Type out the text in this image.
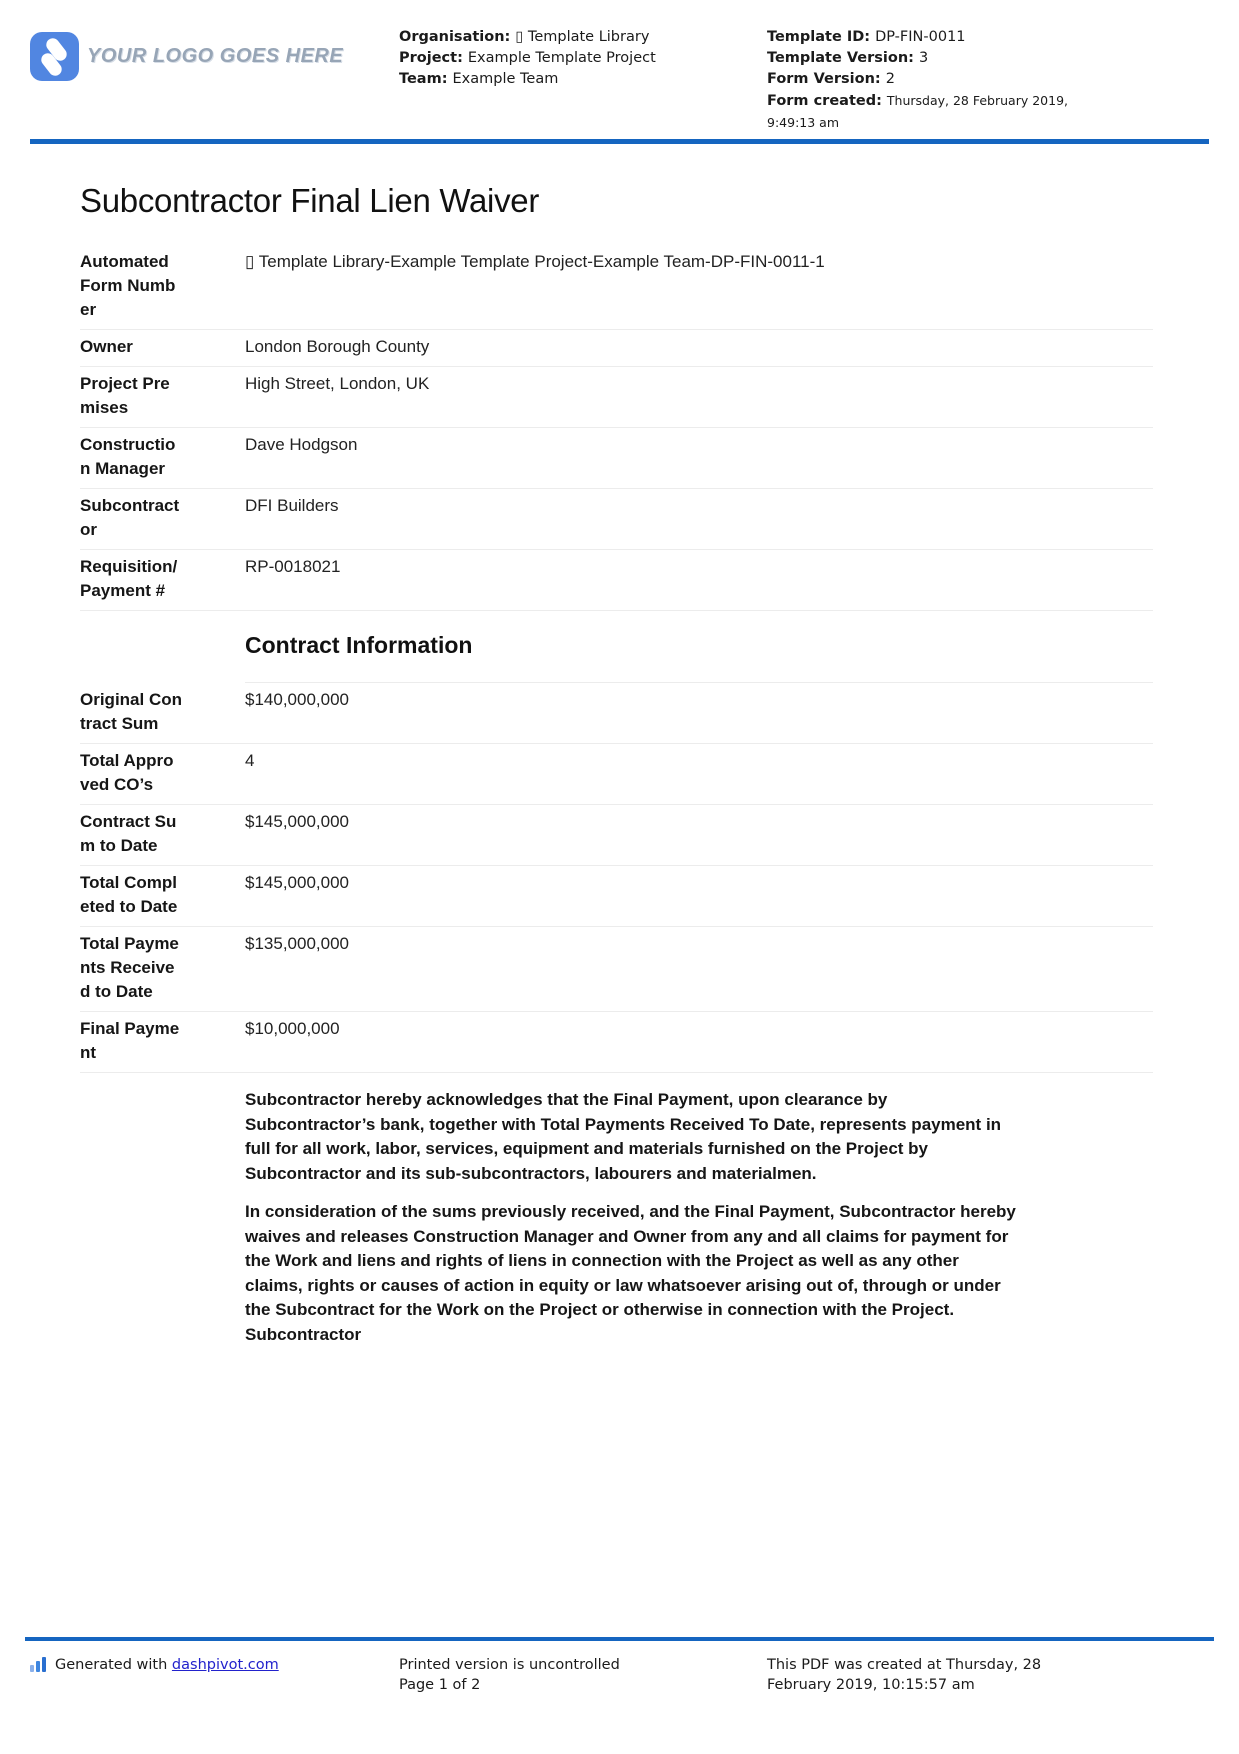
YOUR LOGO GOES HERE
Organisation: ▯ Template Library
Project: Example Template Project
Team: Example Team
Template ID: DP-FIN-0011
Template Version: 3
Form Version: 2
Form created: Thursday, 28 February 2019, 9:49:13 am
Subcontractor Final Lien Waiver
Automated Form Number
▯ Template Library-Example Template Project-Example Team-DP-FIN-0011-1
Owner	London Borough County
Project Premises
High Street, London, UK
Construction Manager
Dave Hodgson
Subcontractor
DFI Builders
Requisition/Payment #
RP-0018021
Contract Information
Original Contract Sum
$140,000,000
Total Approved CO’s
4
Contract Sum to Date
$145,000,000
Total Completed to Date
$145,000,000
Total Payments Received to Date
$135,000,000
Final Payment
$10,000,000

Subcontractor hereby acknowledges that the Final Payment, upon clearance by Subcontractor’s bank, together with Total Payments Received To Date, represents payment in full for all work, labor, services, equipment and materials furnished on the Project by Subcontractor and its sub-subcontractors, labourers and materialmen.

In consideration of the sums previously received, and the Final Payment, Subcontractor hereby waives and releases Construction Manager and Owner from any and all claims for payment for the Work and liens and rights of liens in connection with the Project as well as any other claims, rights or causes of action in equity or law whatsoever arising out of, through or under the Subcontract for the Work on the Project or otherwise in connection with the Project. Subcontractor

Generated with dashpivot.com	Printed version is uncontrolled
Page 1 of 2
This PDF was created at Thursday, 28 February 2019, 10:15:57 am
